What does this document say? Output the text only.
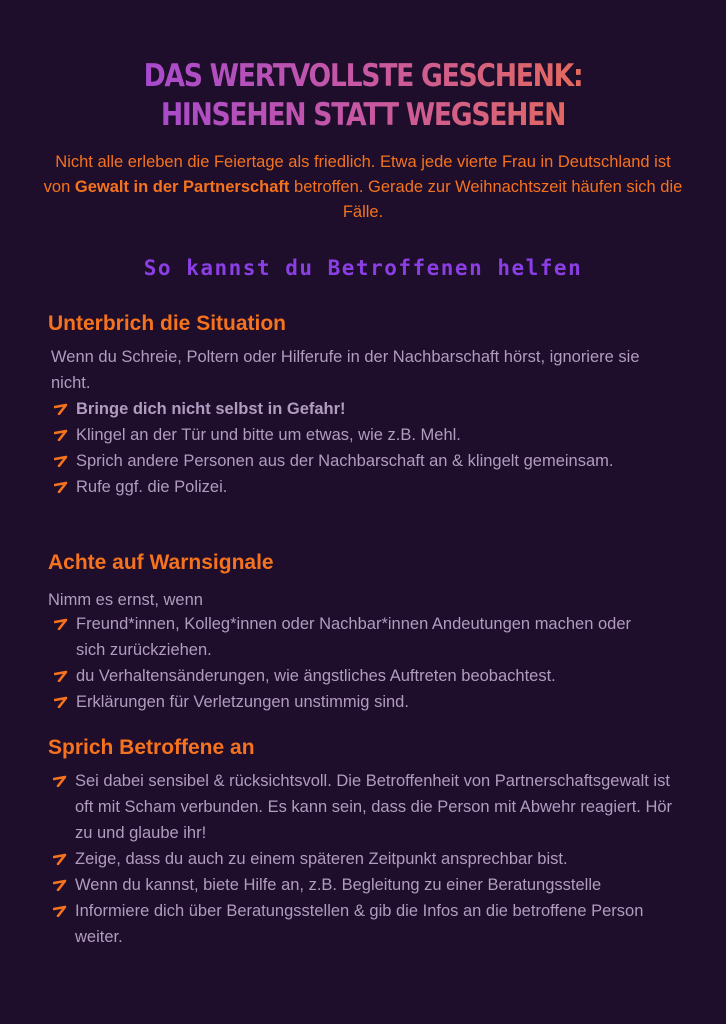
DAS WERTVOLLSTE GESCHENK:
HINSEHEN STATT WEGSEHEN
Nicht alle erleben die Feiertage als friedlich. Etwa jede vierte Frau in Deutschland ist von Gewalt in der Partnerschaft betroffen. Gerade zur Weihnachtszeit häufen sich die Fälle.
So kannst du Betroffenen helfen
Unterbrich die Situation
Wenn du Schreie, Poltern oder Hilferufe in der Nachbarschaft hörst, ignoriere sie nicht.
Bringe dich nicht selbst in Gefahr!
Klingel an der Tür und bitte um etwas, wie z.B. Mehl.
Sprich andere Personen aus der Nachbarschaft an & klingelt gemeinsam.
Rufe ggf. die Polizei.
Achte auf Warnsignale
Nimm es ernst, wenn
Freund*innen, Kolleg*innen oder Nachbar*innen Andeutungen machen oder sich zurückziehen.
du Verhaltensänderungen, wie ängstliches Auftreten beobachtest.
Erklärungen für Verletzungen unstimmig sind.
Sprich Betroffene an
Sei dabei sensibel & rücksichtsvoll. Die Betroffenheit von Partnerschaftsgewalt ist oft mit Scham verbunden. Es kann sein, dass die Person mit Abwehr reagiert. Hör zu und glaube ihr!
Zeige, dass du auch zu einem späteren Zeitpunkt ansprechbar bist.
Wenn du kannst, biete Hilfe an, z.B. Begleitung zu einer Beratungsstelle
Informiere dich über Beratungsstellen & gib die Infos an die betroffene Person weiter.
